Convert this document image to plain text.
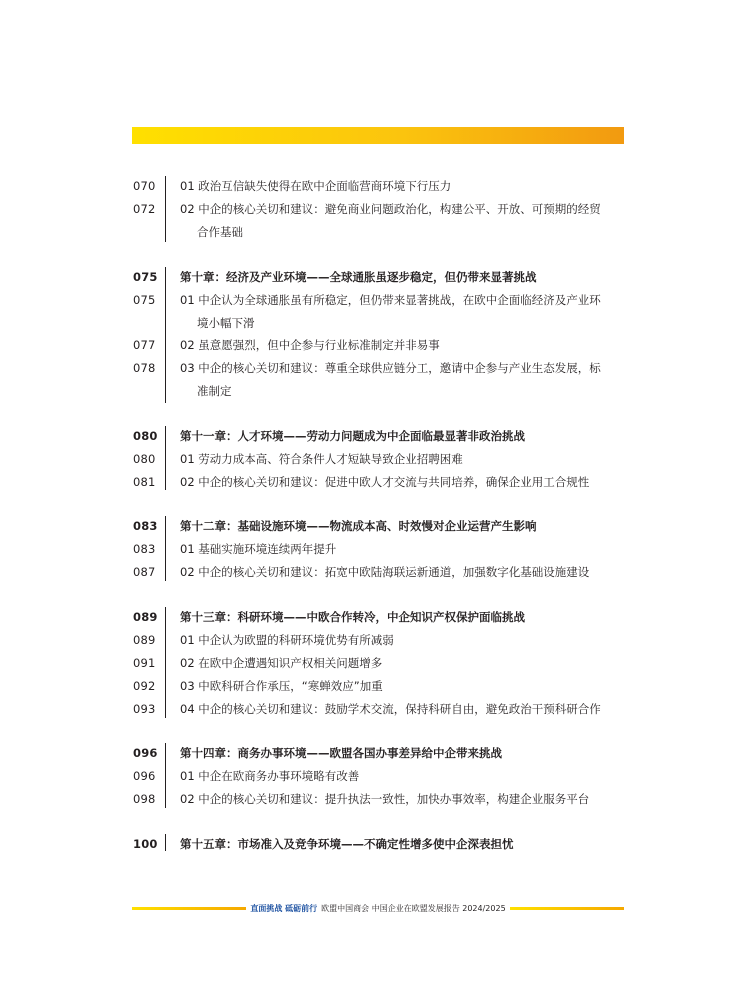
070	01 政治互信缺失使得在欧中企面临营商环境下行压力
072	02 中企的核心关切和建议：避免商业问题政治化，构建公平、开放、可预期的经贸
合作基础
075	第十章：经济及产业环境——全球通胀虽逐步稳定，但仍带来显著挑战
075	01 中企认为全球通胀虽有所稳定，但仍带来显著挑战，在欧中企面临经济及产业环
境小幅下滑
077	02 虽意愿强烈，但中企参与行业标准制定并非易事
078	03 中企的核心关切和建议：尊重全球供应链分工，邀请中企参与产业生态发展，标
准制定
080	第十一章：人才环境——劳动力问题成为中企面临最显著非政治挑战
080	01 劳动力成本高、符合条件人才短缺导致企业招聘困难
081	02 中企的核心关切和建议：促进中欧人才交流与共同培养，确保企业用工合规性
083	第十二章：基础设施环境——物流成本高、时效慢对企业运营产生影响
083	01 基础实施环境连续两年提升
087	02 中企的核心关切和建议：拓宽中欧陆海联运新通道，加强数字化基础设施建设
089	第十三章：科研环境——中欧合作转冷，中企知识产权保护面临挑战
089	01 中企认为欧盟的科研环境优势有所减弱
091	02 在欧中企遭遇知识产权相关问题增多
092	03 中欧科研合作承压，“寒蝉效应”加重
093	04 中企的核心关切和建议：鼓励学术交流，保持科研自由，避免政治干预科研合作
096	第十四章：商务办事环境——欧盟各国办事差异给中企带来挑战
096	01 中企在欧商务办事环境略有改善
098	02 中企的核心关切和建议：提升执法一致性，加快办事效率，构建企业服务平台
100	第十五章：市场准入及竞争环境——不确定性增多使中企深表担忧
直面挑战 砥砺前行 欧盟中国商会 中国企业在欧盟发展报告 2024/2025
